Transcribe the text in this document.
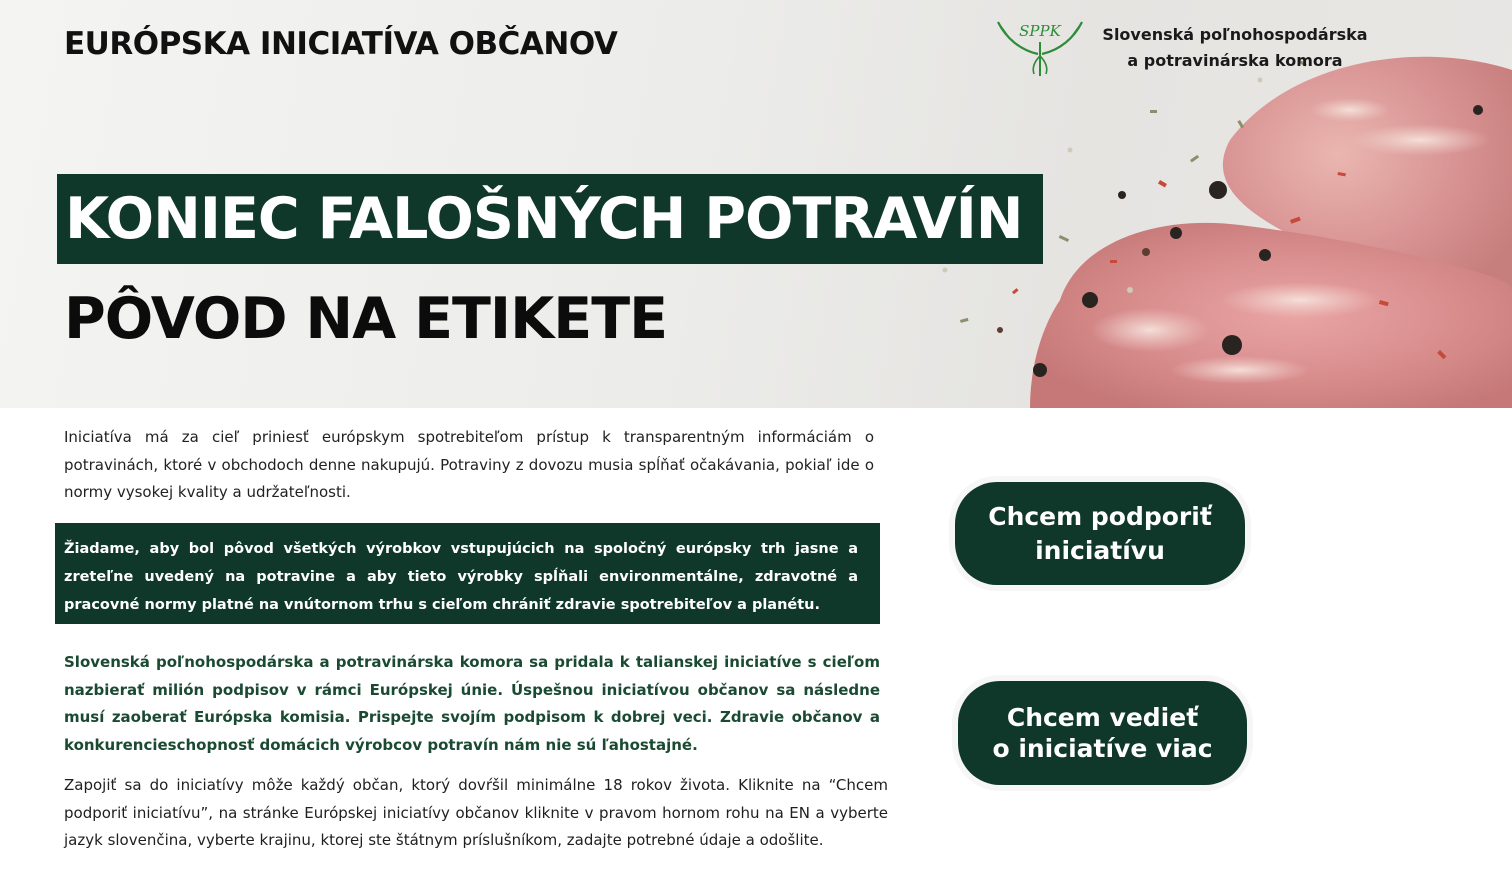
EURÓPSKA INICIATÍVA OBČANOV	SPPK	Slovenská poľnohospodárska
a potravinárska komora
KONIEC FALOŠNÝCH POTRAVÍN
PÔVOD NA ETIKETE

Iniciatíva má za cieľ priniesť európskym spotrebiteľom prístup k transparentným informáciám o potravinách, ktoré v obchodoch denne nakupujú. Potraviny z dovozu musia spĺňať očakávania, pokiaľ ide o normy vysokej kvality a udržateľnosti.

Žiadame, aby bol pôvod všetkých výrobkov vstupujúcich na spoločný európsky trh jasne a zreteľne uvedený na potravine a aby tieto výrobky spĺňali environmentálne, zdravotné a pracovné normy platné na vnútornom trhu s cieľom chrániť zdravie spotrebiteľov a planétu.

Slovenská poľnohospodárska a potravinárska komora sa pridala k talianskej iniciatíve s cieľom nazbierať milión podpisov v rámci Európskej únie. Úspešnou iniciatívou občanov sa následne musí zaoberať Európska komisia. Prispejte svojím podpisom k dobrej veci. Zdravie občanov a konkurencieschopnosť domácich výrobcov potravín nám nie sú ľahostajné.

Zapojiť sa do iniciatívy môže každý občan, ktorý dovŕšil minimálne 18 rokov života. Kliknite na “Chcem podporiť iniciatívu”, na stránke Európskej iniciatívy občanov kliknite v pravom hornom rohu na EN a vyberte jazyk slovenčina, vyberte krajinu, ktorej ste štátnym príslušníkom, zadajte potrebné údaje a odošlite.

Chcem podporiť
iniciatívu
Chcem vedieť
o iniciatíve viac
